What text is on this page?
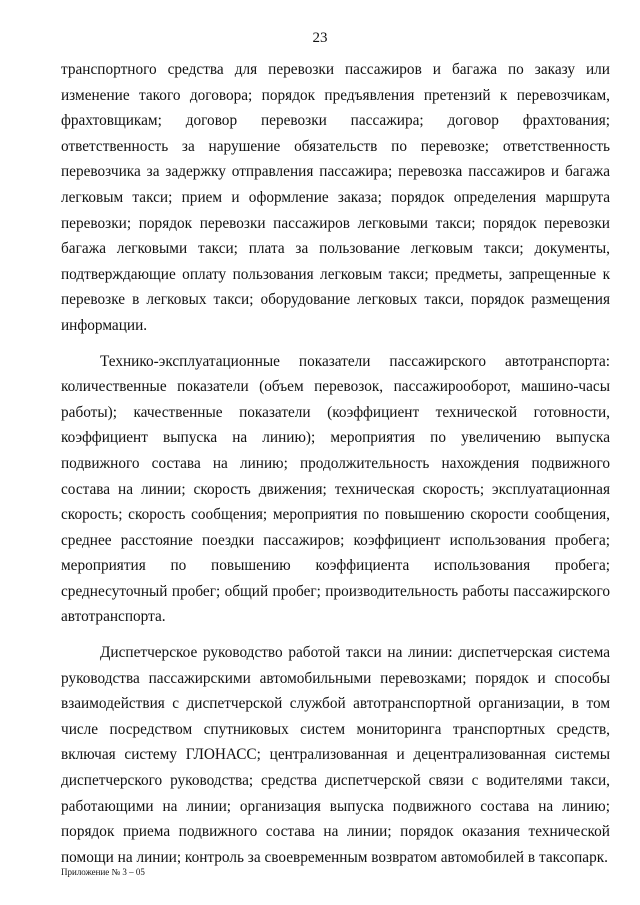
23

транспортного средства для перевозки пассажиров и багажа по заказу или изменение такого договора; порядок предъявления претензий к перевозчикам, фрахтовщикам; договор перевозки пассажира; договор фрахтования; ответственность за нарушение обязательств по перевозке; ответственность перевозчика за задержку отправления пассажира; перевозка пассажиров и багажа легковым такси; прием и оформление заказа; порядок определения маршрута перевозки; порядок перевозки пассажиров легковыми такси; порядок перевозки багажа легковыми такси; плата за пользование легковым такси; документы, подтверждающие оплату пользования легковым такси; предметы, запрещенные к перевозке в легковых такси; оборудование легковых такси, порядок размещения информации.

Технико-эксплуатационные показатели пассажирского автотранспорта: количественные показатели (объем перевозок, пассажирооборот, машино-часы работы); качественные показатели (коэффициент технической готовности, коэффициент выпуска на линию); мероприятия по увеличению выпуска подвижного состава на линию; продолжительность нахождения подвижного состава на линии; скорость движения; техническая скорость; эксплуатационная скорость; скорость сообщения; мероприятия по повышению скорости сообщения, среднее расстояние поездки пассажиров; коэффициент использования пробега; мероприятия по повышению коэффициента использования пробега; среднесуточный пробег; общий пробег; производительность работы пассажирского автотранспорта.

Диспетчерское руководство работой такси на линии: диспетчерская система руководства пассажирскими автомобильными перевозками; порядок и способы взаимодействия с диспетчерской службой автотранспортной организации, в том числе посредством спутниковых систем мониторинга транспортных средств, включая систему ГЛОНАСС; централизованная и децентрализованная системы диспетчерского руководства; средства диспетчерской связи с водителями такси, работающими на линии; организация выпуска подвижного состава на линию; порядок приема подвижного состава на линии; порядок оказания технической помощи на линии; контроль за своевременным возвратом автомобилей в таксопарк.

Приложение № 3 – 05
